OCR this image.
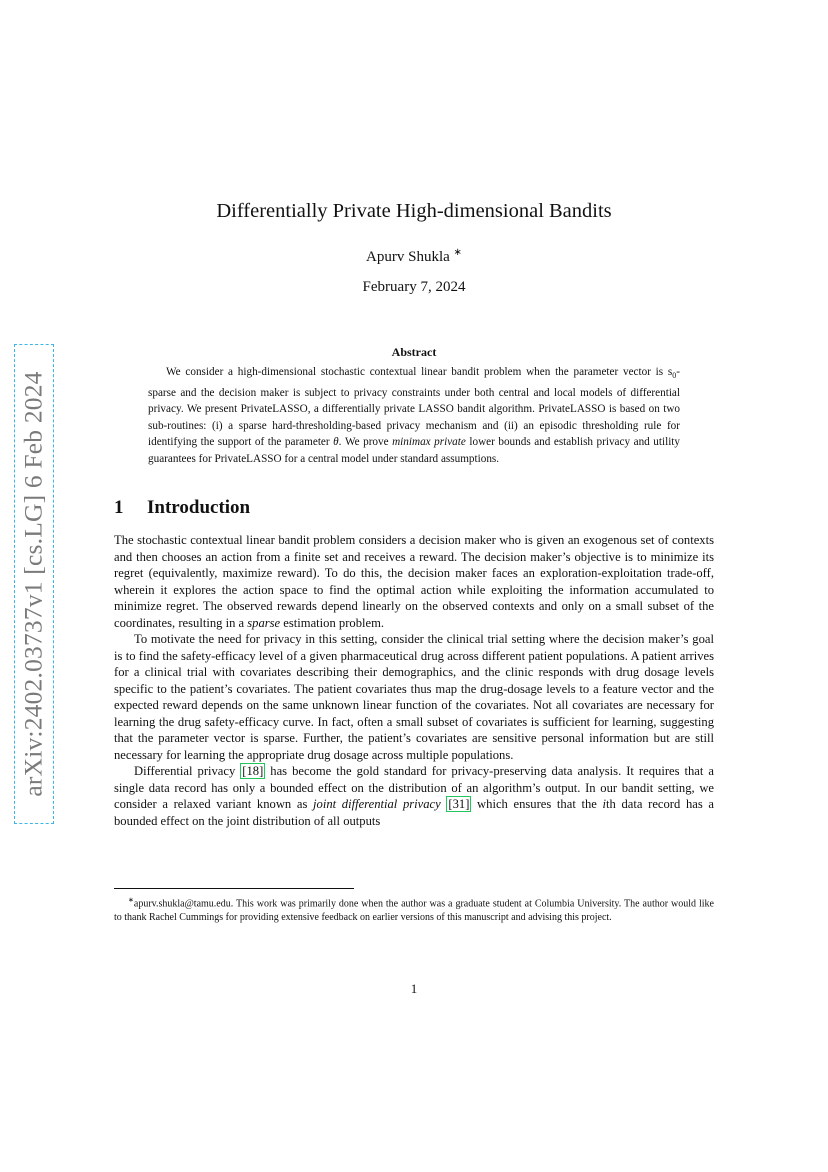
arXiv:2402.03737v1 [cs.LG] 6 Feb 2024
Differentially Private High-dimensional Bandits
Apurv Shukla ∗
February 7, 2024
Abstract
We consider a high-dimensional stochastic contextual linear bandit problem when the parameter vector is $s_0$-sparse and the decision maker is subject to privacy constraints under both central and local models of differential privacy. We present PrivateLASSO, a differentially private LASSO bandit algorithm. PrivateLASSO is based on two sub-routines: (i) a sparse hard-thresholding-based privacy mechanism and (ii) an episodic thresholding rule for identifying the support of the parameter θ. We prove minimax private lower bounds and establish privacy and utility guarantees for PrivateLASSO for a central model under standard assumptions.
1 Introduction

The stochastic contextual linear bandit problem considers a decision maker who is given an exogenous set of contexts and then chooses an action from a finite set and receives a reward. The decision maker’s objective is to minimize its regret (equivalently, maximize reward). To do this, the decision maker faces an exploration-exploitation trade-off, wherein it explores the action space to find the optimal action while exploiting the information accumulated to minimize regret. The observed rewards depend linearly on the observed contexts and only on a small subset of the coordinates, resulting in a sparse estimation problem.

To motivate the need for privacy in this setting, consider the clinical trial setting where the decision maker’s goal is to find the safety-efficacy level of a given pharmaceutical drug across different patient populations. A patient arrives for a clinical trial with covariates describing their demographics, and the clinic responds with drug dosage levels specific to the patient’s covariates. The patient covariates thus map the drug-dosage levels to a feature vector and the expected reward depends on the same unknown linear function of the covariates. Not all covariates are necessary for learning the drug safety-efficacy curve. In fact, often a small subset of covariates is sufficient for learning, suggesting that the parameter vector is sparse. Further, the patient’s covariates are sensitive personal information but are still necessary for learning the appropriate drug dosage across multiple populations.

Differential privacy [18] has become the gold standard for privacy-preserving data analysis. It requires that a single data record has only a bounded effect on the distribution of an algorithm’s output. In our bandit setting, we consider a relaxed variant known as joint differential privacy [31] which ensures that the ith data record has a bounded effect on the joint distribution of all outputs

∗apurv.shukla@tamu.edu. This work was primarily done when the author was a graduate student at Columbia University. The author would like to thank Rachel Cummings for providing extensive feedback on earlier versions of this manuscript and advising this project.
1
